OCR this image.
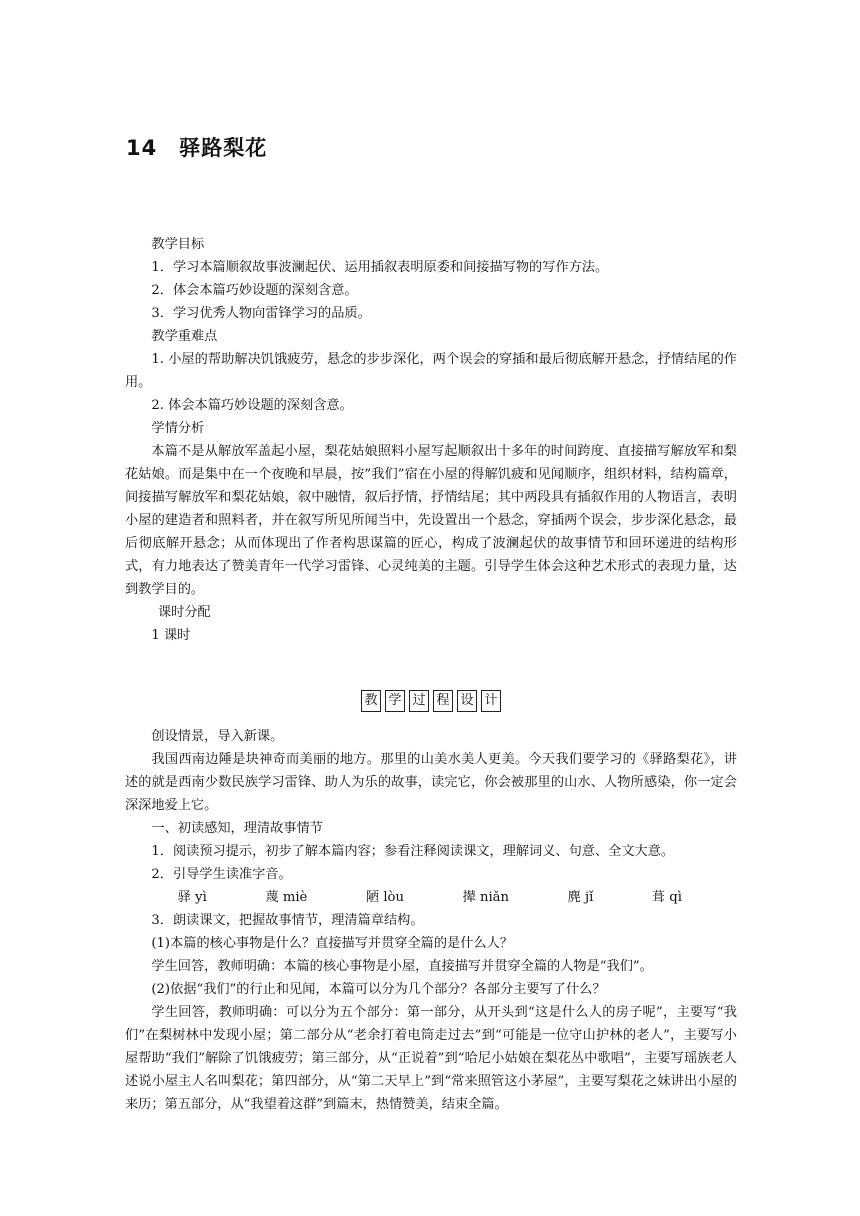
14　驿路梨花

教学目标

1．学习本篇顺叙故事波澜起伏、运用插叙表明原委和间接描写物的写作方法。

2．体会本篇巧妙设题的深刻含意。

3．学习优秀人物向雷锋学习的品质。

教学重难点

1. 小屋的帮助解决饥饿疲劳，悬念的步步深化，两个误会的穿插和最后彻底解开悬念，抒情结尾的作用。

2. 体会本篇巧妙设题的深刻含意。

学情分析

本篇不是从解放军盖起小屋，梨花姑娘照料小屋写起顺叙出十多年的时间跨度、直接描写解放军和梨花姑娘。而是集中在一个夜晚和早晨，按”我们”宿在小屋的得解饥疲和见闻顺序，组织材料，结构篇章，间接描写解放军和梨花姑娘，叙中融情，叙后抒情，抒情结尾；其中两段具有插叙作用的人物语言，表明小屋的建造者和照料者，并在叙写所见所闻当中，先设置出一个悬念，穿插两个误会，步步深化悬念，最后彻底解开悬念；从而体现出了作者构思谋篇的匠心，构成了波澜起伏的故事情节和回环递进的结构形式，有力地表达了赞美青年一代学习雷锋、心灵纯美的主题。引导学生体会这种艺术形式的表现力量，达到教学目的。

课时分配

1 课时

教 学 过 程 设 计

创设情景，导入新课。

我国西南边陲是块神奇而美丽的地方。那里的山美水美人更美。今天我们要学习的《驿路梨花》，讲述的就是西南少数民族学习雷锋、助人为乐的故事，读完它，你会被那里的山水、人物所感染，你一定会深深地爱上它。

一、初读感知，理清故事情节

1．阅读预习提示，初步了解本篇内容；参看注释阅读课文，理解词义、句意、全文大意。

2．引导学生读准字音。

驿 yì	蔑 miè	陋 lòu	撵 niǎn	麂 jǐ	葺 qì

3．朗读课文，把握故事情节，理清篇章结构。

(1)本篇的核心事物是什么？直接描写并贯穿全篇的是什么人？

学生回答，教师明确：本篇的核心事物是小屋，直接描写并贯穿全篇的人物是“我们”。

(2)依据“我们”的行止和见闻，本篇可以分为几个部分？各部分主要写了什么？

学生回答，教师明确：可以分为五个部分：第一部分，从开头到“这是什么人的房子呢”，主要写“我们”在梨树林中发现小屋；第二部分从“老余打着电筒走过去”到“可能是一位守山护林的老人”，主要写小屋帮助“我们”解除了饥饿疲劳；第三部分，从“正说着”到“哈尼小姑娘在梨花丛中歌唱”，主要写瑶族老人述说小屋主人名叫梨花；第四部分，从“第二天早上”到“常来照管这小茅屋”，主要写梨花之妹讲出小屋的来历；第五部分，从“我望着这群”到篇末，热情赞美，结束全篇。
